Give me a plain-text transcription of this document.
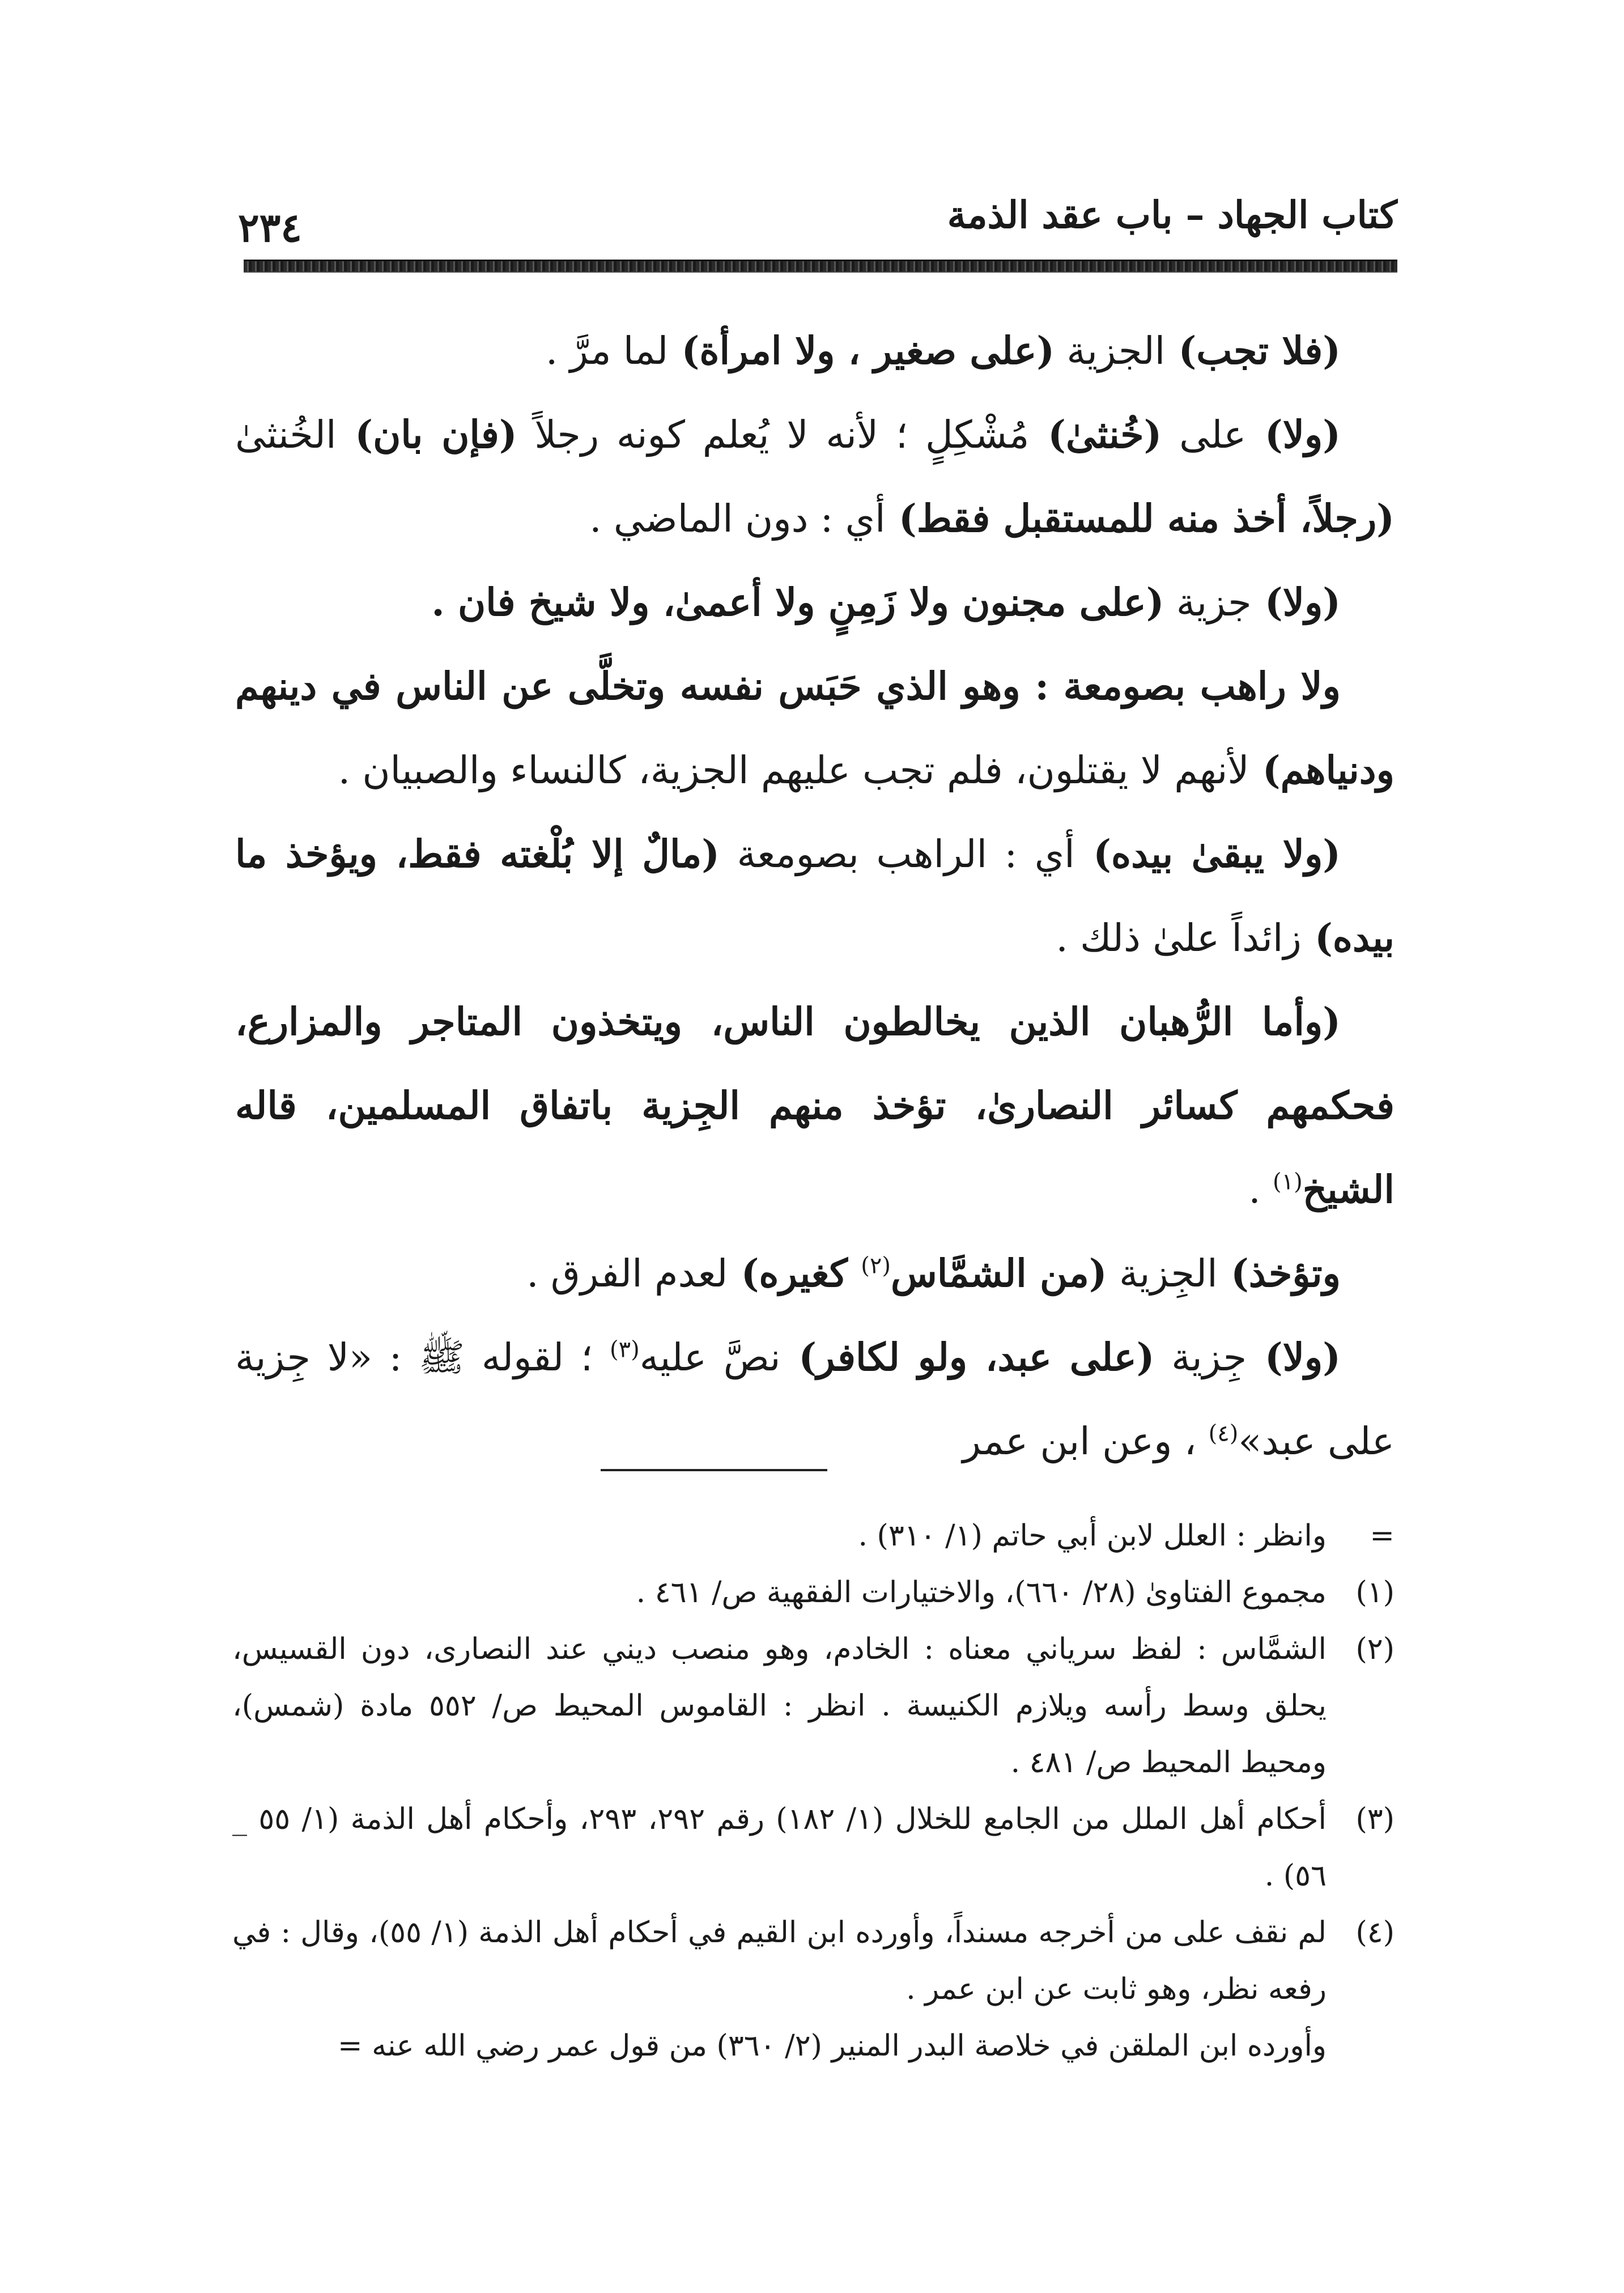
٢٣٤	كتاب الجهاد – باب عقد الذمة

(فلا تجب) الجزية (على صغير ، ولا امرأة) لما مرَّ .

(ولا) على (خُنثىٰ) مُشْكِلٍ ؛ لأنه لا يُعلم كونه رجلاً (فإن بان) الخُنثىٰ (رجلاً، أخذ منه للمستقبل فقط) أي : دون الماضي .

(ولا) جزية (على مجنون ولا زَمِنٍ ولا أعمىٰ، ولا شيخ فان .

ولا راهب بصومعة : وهو الذي حَبَس نفسه وتخلَّى عن الناس في دينهم ودنياهم) لأنهم لا يقتلون، فلم تجب عليهم الجزية، كالنساء والصبيان .

(ولا يبقىٰ بيده) أي : الراهب بصومعة (مالٌ إلا بُلْغته فقط، ويؤخذ ما بيده) زائداً علىٰ ذلك .

(وأما الرُّهبان الذين يخالطون الناس، ويتخذون المتاجر والمزارع، فحكمهم كسائر النصارىٰ، تؤخذ منهم الجِزية باتفاق المسلمين، قاله الشيخ$^{(١)}$ .

وتؤخذ) الجِزية (من الشمَّاس$^{(٢)}$ كغيره) لعدم الفرق .

(ولا) جِزية (على عبد، ولو لكافر) نصَّ عليه$^{(٣)}$ ؛ لقوله ﷺ : «لا جِزية على عبد»$^{(٤)}$ ، وعن ابن عمر

=
وانظر : العلل لابن أبي حاتم (١/ ٣١٠) .

(١)
مجموع الفتاوىٰ (٢٨/ ٦٦٠)، والاختيارات الفقهية ص/ ٤٦١ .

(٢)
الشمَّاس : لفظ سرياني معناه : الخادم، وهو منصب ديني عند النصارى، دون القسيس، يحلق وسط رأسه ويلازم الكنيسة . انظر : القاموس المحيط ص/ ٥٥٢ مادة (شمس)، ومحيط المحيط ص/ ٤٨١ .

(٣)
أحكام أهل الملل من الجامع للخلال (١/ ١٨٢) رقم ٢٩٢، ٢٩٣، وأحكام أهل الذمة (١/ ٥٥ _ ٥٦) .

(٤)
لم نقف على من أخرجه مسنداً، وأورده ابن القيم في أحكام أهل الذمة (١/ ٥٥)، وقال : في رفعه نظر، وهو ثابت عن ابن عمر .

وأورده ابن الملقن في خلاصة البدر المنير (٢/ ٣٦٠) من قول عمر رضي الله عنه =
